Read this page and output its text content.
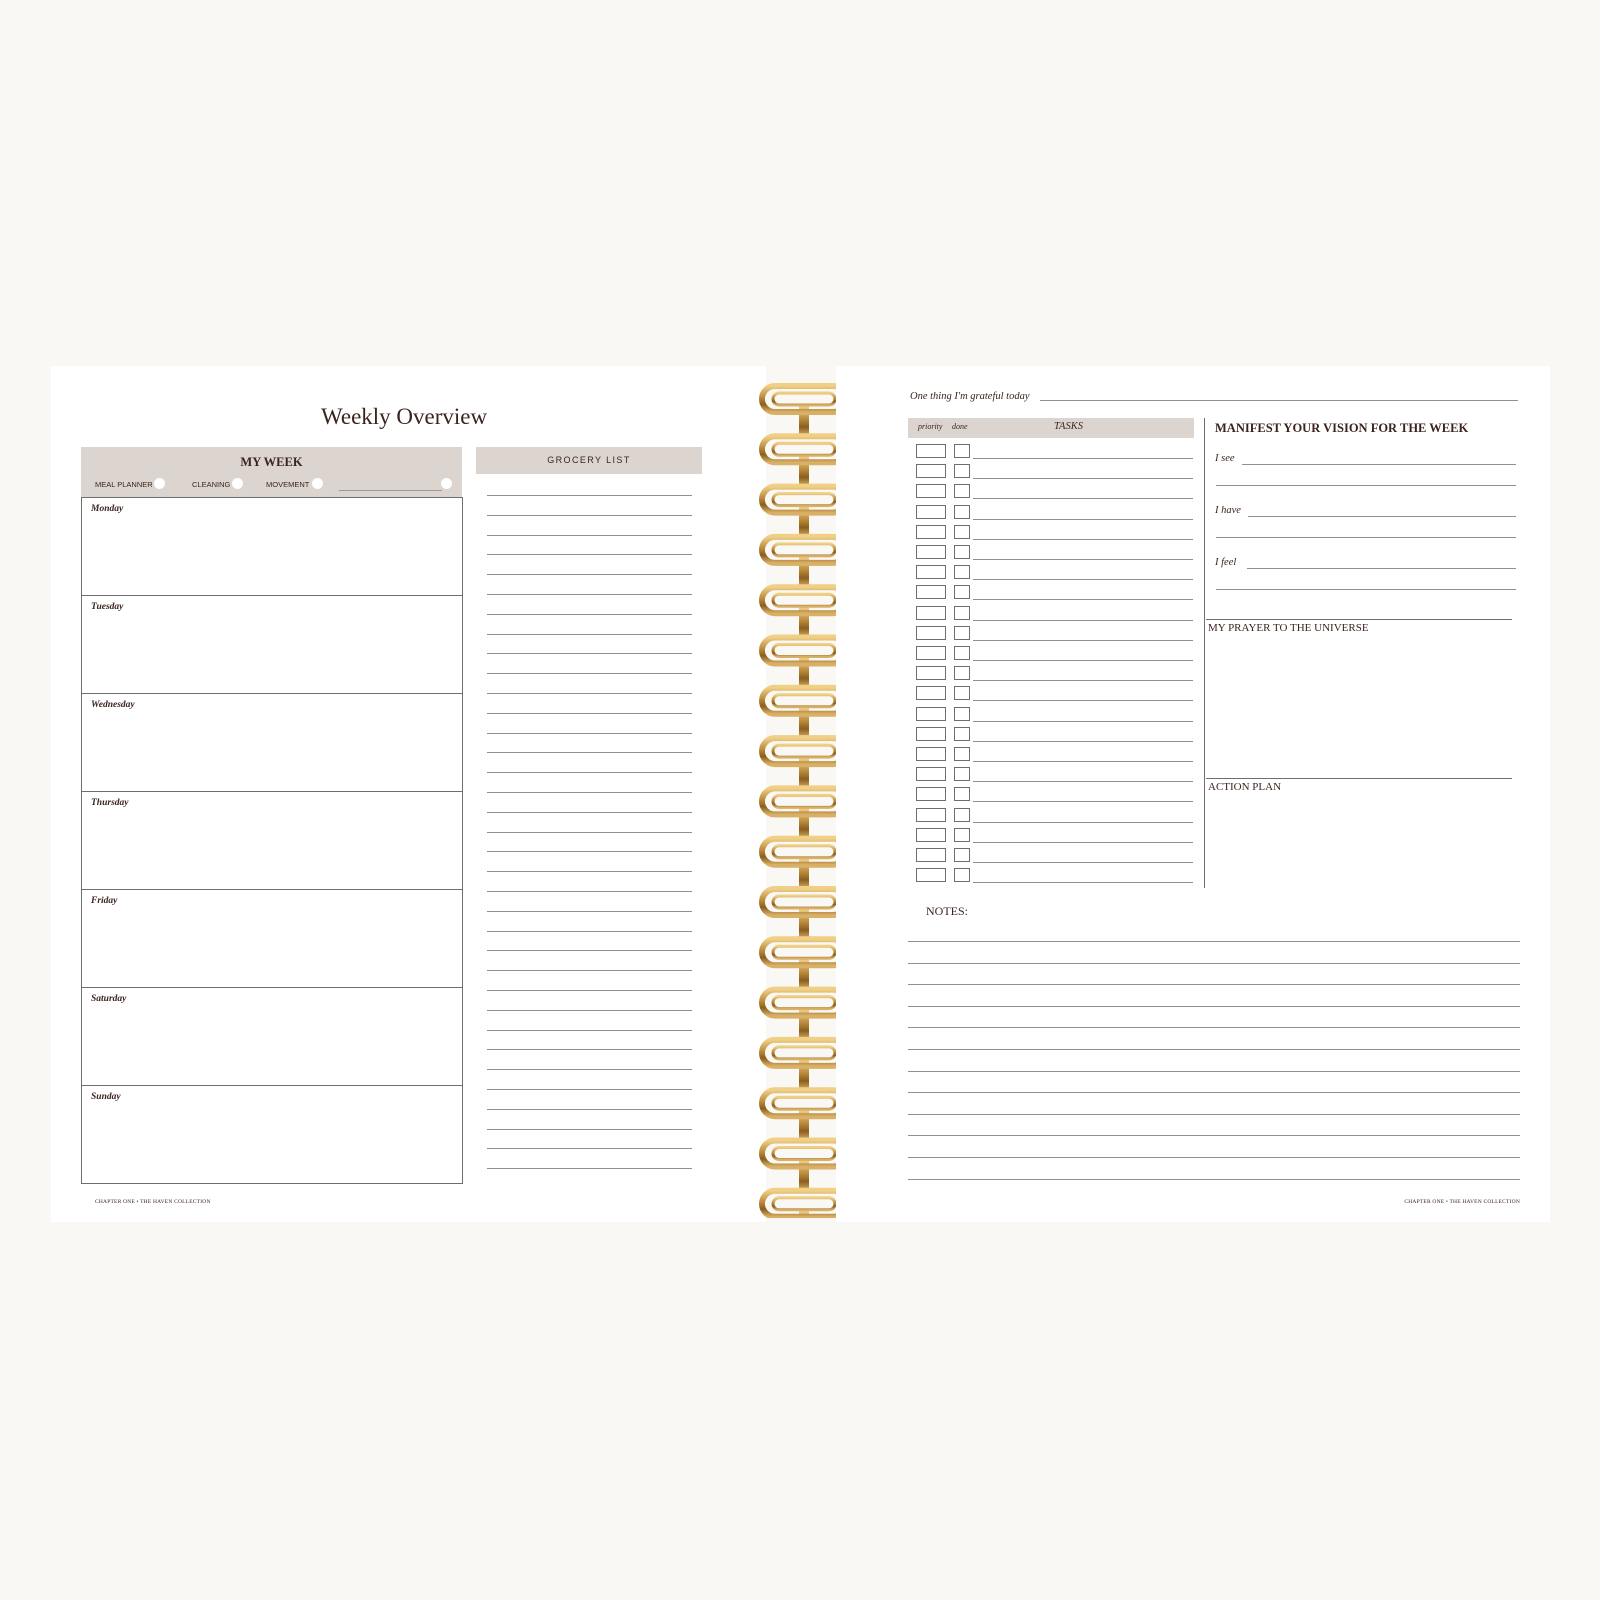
Weekly Overview
MY WEEK
MEAL PLANNER	CLEANING	MOVEMENT
Monday
Tuesday
Wednesday
Thursday
Friday
Saturday
Sunday
GROCERY LIST
CHAPTER ONE • THE HAVEN COLLECTION
One thing I'm grateful today
priority done	TASKS	MANIFEST YOUR VISION FOR THE WEEK
I see
I have
I feel
MY PRAYER TO THE UNIVERSE
ACTION PLAN
NOTES:
CHAPTER ONE • THE HAVEN COLLECTION
